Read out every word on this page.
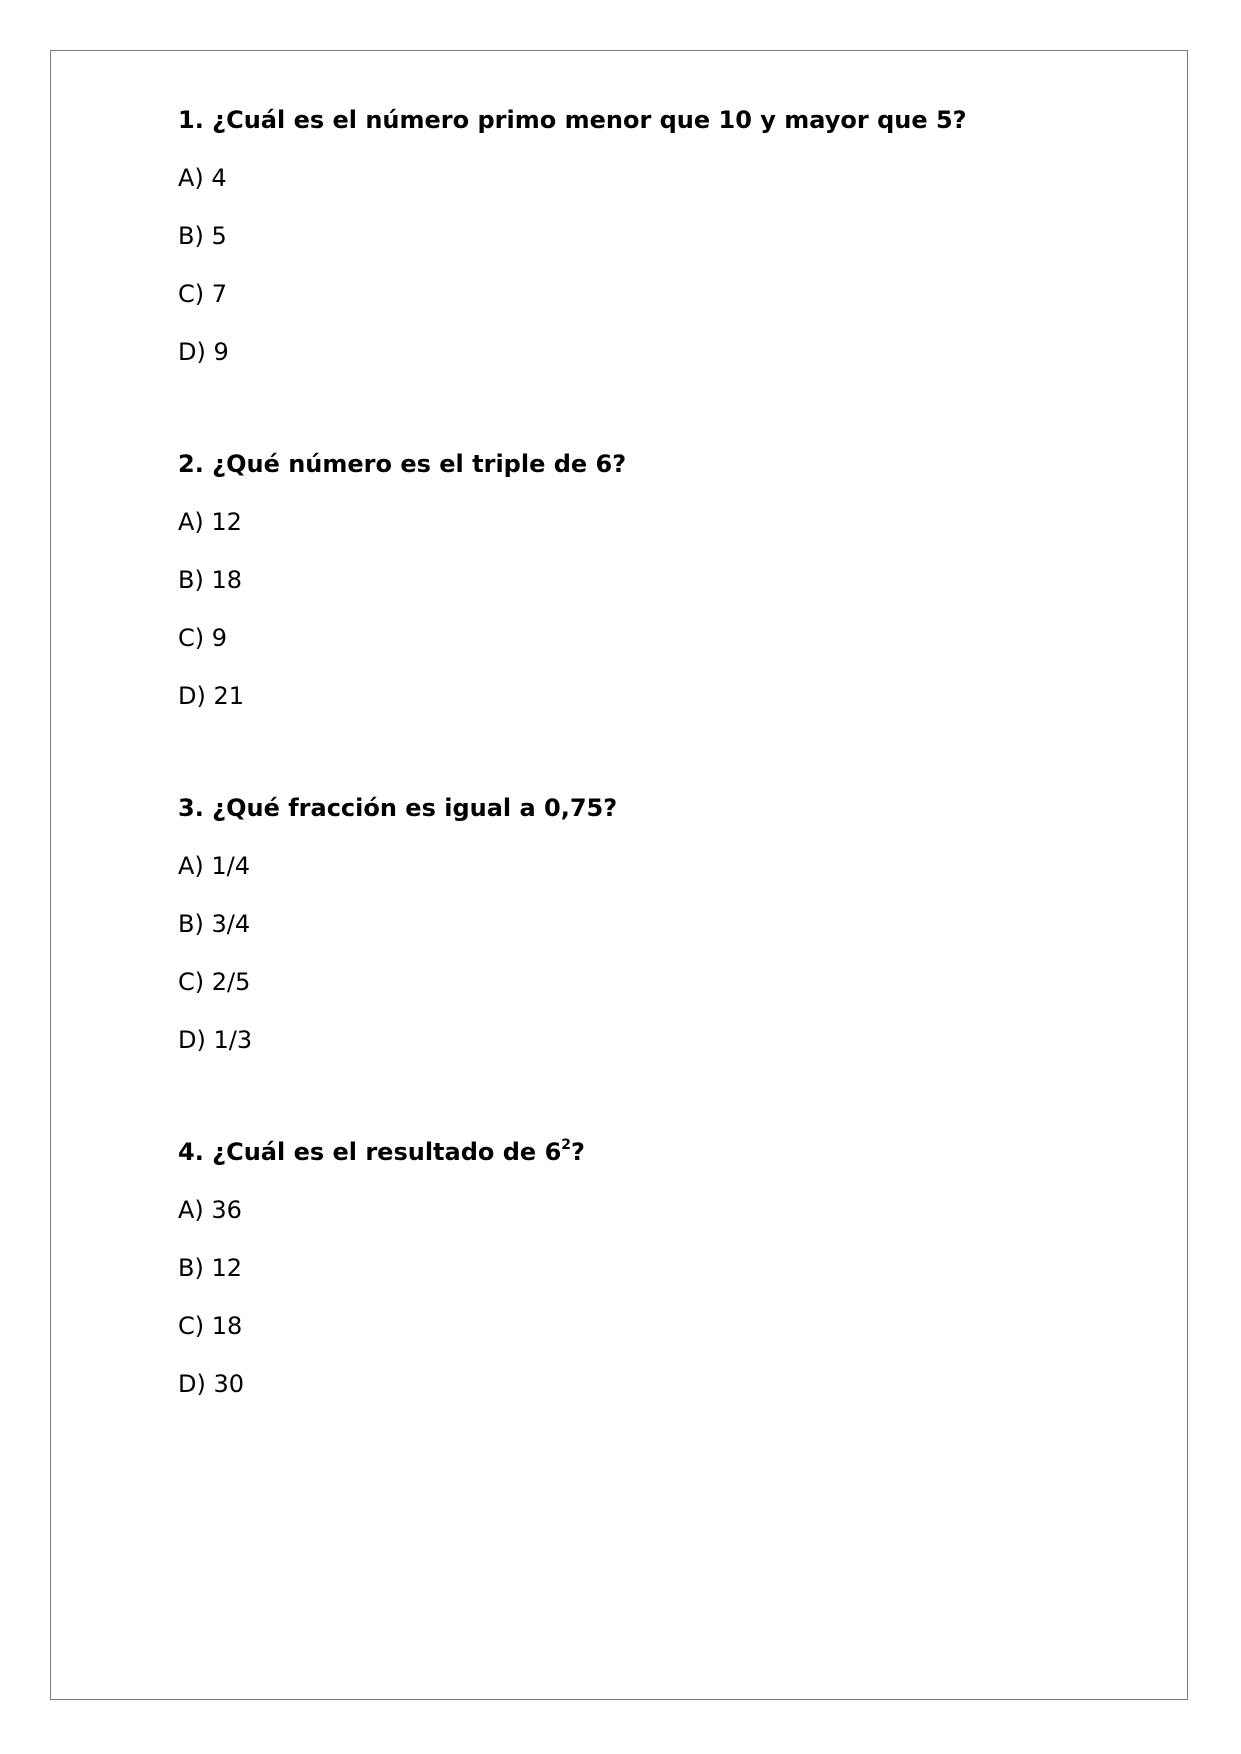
1. ¿Cuál es el número primo menor que 10 y mayor que 5?

A) 4

B) 5

C) 7

D) 9

2. ¿Qué número es el triple de 6?

A) 12

B) 18

C) 9

D) 21

3. ¿Qué fracción es igual a 0,75?

A) 1/4

B) 3/4

C) 2/5

D) 1/3

4. ¿Cuál es el resultado de $6^2$?

A) 36

B) 12

C) 18

D) 30
